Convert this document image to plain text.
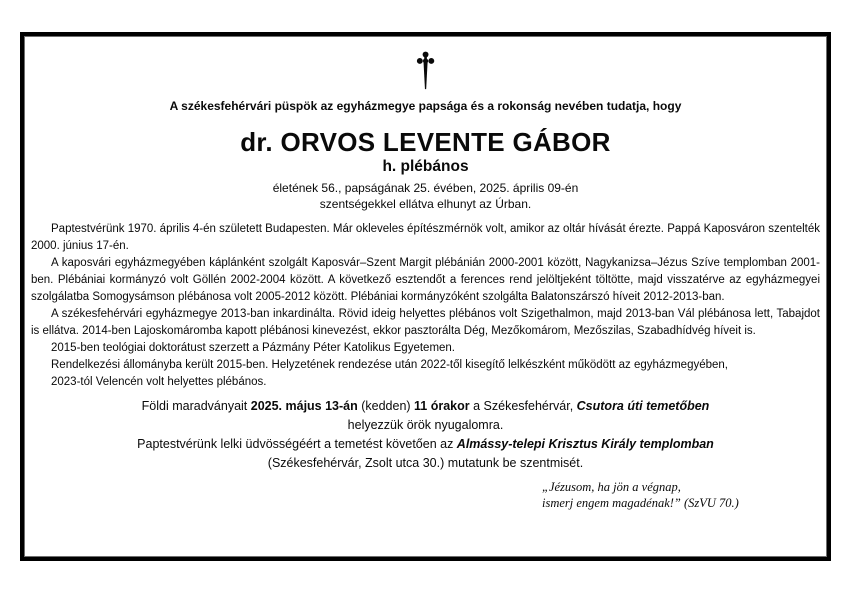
A székesfehérvári püspök az egyházmegye papsága és a rokonság nevében tudatja, hogy
dr. ORVOS LEVENTE GÁBOR
h. plébános
életének 56., papságának 25. évében, 2025. április 09-én
szentségekkel ellátva elhunyt az Úrban.

Paptestvérünk 1970. április 4-én született Budapesten. Már okleveles építészmérnök volt, amikor az oltár hívását érezte. Pappá Kaposváron szentelték 2000. június 17-én.

A kaposvári egyházmegyében káplánként szolgált Kaposvár–Szent Margit plébánián 2000-2001 között, Nagykanizsa–Jézus Szíve templomban 2001-ben. Plébániai kormányzó volt Göllén 2002-2004 között. A következő esztendőt a ferences rend jelöltjeként töltötte, majd visszatérve az egyházmegyei szolgálatba Somogysámson plébánosa volt 2005-2012 között. Plébániai kormányzóként szolgálta Balatonszárszó híveit 2012-2013-ban.

A székesfehérvári egyházmegye 2013-ban inkardinálta. Rövid ideig helyettes plébános volt Szigethalmon, majd 2013-ban Vál plébánosa lett, Tabajdot is ellátva. 2014-ben Lajoskomáromba kapott plébánosi kinevezést, ekkor pasztorálta Dég, Mezőkomárom, Mezőszilas, Szabadhídvég híveit is.

2015-ben teológiai doktorátust szerzett a Pázmány Péter Katolikus Egyetemen.

Rendelkezési állományba került 2015-ben. Helyzetének rendezése után 2022-től kisegítő lelkészként működött az egyházmegyében,

2023-tól Velencén volt helyettes plébános.

Földi maradványait 2025. május 13-án (kedden) 11 órakor a Székesfehérvár, Csutora úti temetőben
helyezzük örök nyugalomra.
Paptestvérünk lelki üdvösségéért a temetést követően az Almássy-telepi Krisztus Király templomban
(Székesfehérvár, Zsolt utca 30.) mutatunk be szentmisét.
„Jézusom, ha jön a végnap,
ismerj engem magadénak!” (SzVU 70.)
